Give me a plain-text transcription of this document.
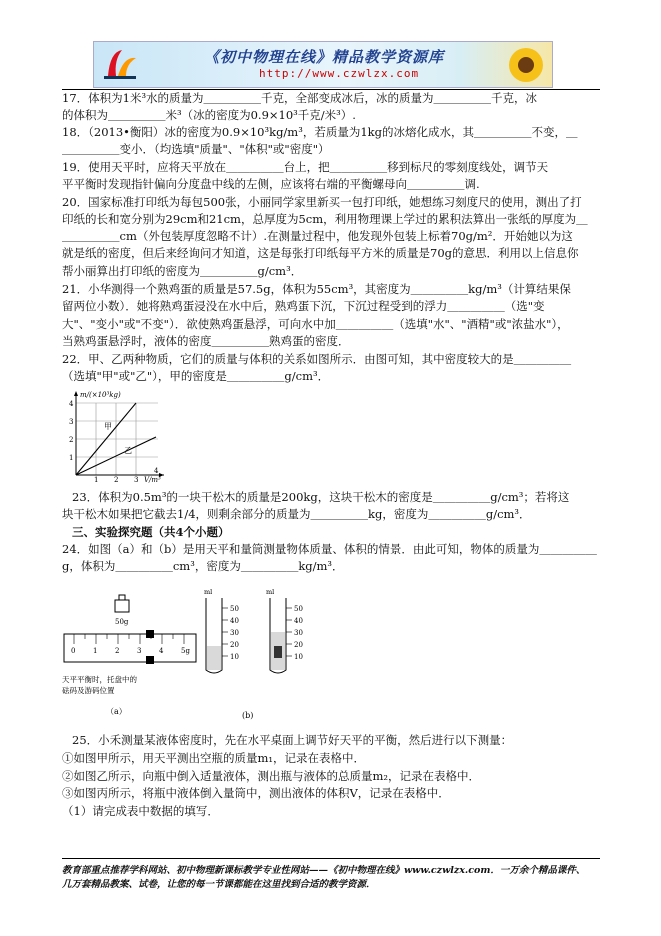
《初中物理在线》精品教学资源库
http://www.czwlzx.com
17．体积为1米³水的质量为＿＿＿＿＿千克，全部变成冰后，冰的质量为＿＿＿＿＿千克，冰
的体积为＿＿＿＿＿米³（冰的密度为0.9×10³千克/米³）.
18．（2013•衡阳）冰的密度为0.9×10³kg/m³，若质量为1kg的冰熔化成水，其＿＿＿＿＿不变，＿
＿＿＿＿＿变小．（均选填"质量"、"体积"或"密度"）
19．使用天平时，应将天平放在＿＿＿＿＿台上，把＿＿＿＿＿移到标尺的零刻度线处，调节天
平平衡时发现指针偏向分度盘中线的左侧，应该将右端的平衡螺母向＿＿＿＿＿调.
20．国家标准打印纸为每包500张，小丽同学家里新买一包打印纸，她想练习刻度尺的使用，测出了打
印纸的长和宽分别为29cm和21cm，总厚度为5cm，利用物理课上学过的累积法算出一张纸的厚度为＿
＿＿＿＿＿cm（外包装厚度忽略不计）.在测量过程中，他发现外包装上标着70g/m²．开始她以为这
就是纸的密度，但后来经询问才知道，这是每张打印纸每平方米的质量是70g的意思．利用以上信息你
帮小丽算出打印纸的密度为＿＿＿＿＿g/cm³．
21．小华测得一个熟鸡蛋的质量是57.5g，体积为55cm³，其密度为＿＿＿＿＿kg/m³（计算结果保
留两位小数）．她将熟鸡蛋浸没在水中后，熟鸡蛋下沉，下沉过程受到的浮力＿＿＿＿＿（选"变
大"、"变小"或"不变"）．欲使熟鸡蛋悬浮，可向水中加＿＿＿＿＿（选填"水"、"酒精"或"浓盐水"），
当熟鸡蛋悬浮时，液体的密度＿＿＿＿＿熟鸡蛋的密度．
22．甲、乙两种物质，它们的质量与体积的关系如图所示．由图可知，其中密度较大的是＿＿＿＿＿
（选填"甲"或"乙"），甲的密度是＿＿＿＿＿g/cm³．
m/(×10³kg)
V/m³
1
2
3
4
1 2 3
4
甲
乙
23．体积为0.5m³的一块干松木的质量是200kg，这块干松木的密度是＿＿＿＿＿g/cm³；若将这
块干松木如果把它截去1/4，则剩余部分的质量为＿＿＿＿＿kg，密度为＿＿＿＿＿g/cm³．
三、实验探究题（共4个小题）
24．如图（a）和（b）是用天平和量筒测量物体质量、体积的情景．由此可知，物体的质量为＿＿＿＿＿
g，体积为＿＿＿＿＿cm³，密度为＿＿＿＿＿kg/m³．
50g
0	1	2	3	4	5g
天平平衡时，托盘中的
砝码及游码位置
（a）
ml
50
40
30
20
10
ml
50
40
30
20
10
(b)
25．小禾测量某液体密度时，先在水平桌面上调节好天平的平衡，然后进行以下测量：
①如图甲所示，用天平测出空瓶的质量m₁，记录在表格中．
②如图乙所示，向瓶中倒入适量液体，测出瓶与液体的总质量m₂，记录在表格中．
③如图丙所示，将瓶中液体倒入量筒中，测出液体的体积V，记录在表格中．
（1）请完成表中数据的填写．
教育部重点推荐学科网站、初中物理新课标教学专业性网站——《初中物理在线》www.czwlzx.com．一万余个精品课件、
几万套精品教案、试卷，让您的每一节课都能在这里找到合适的教学资源．
